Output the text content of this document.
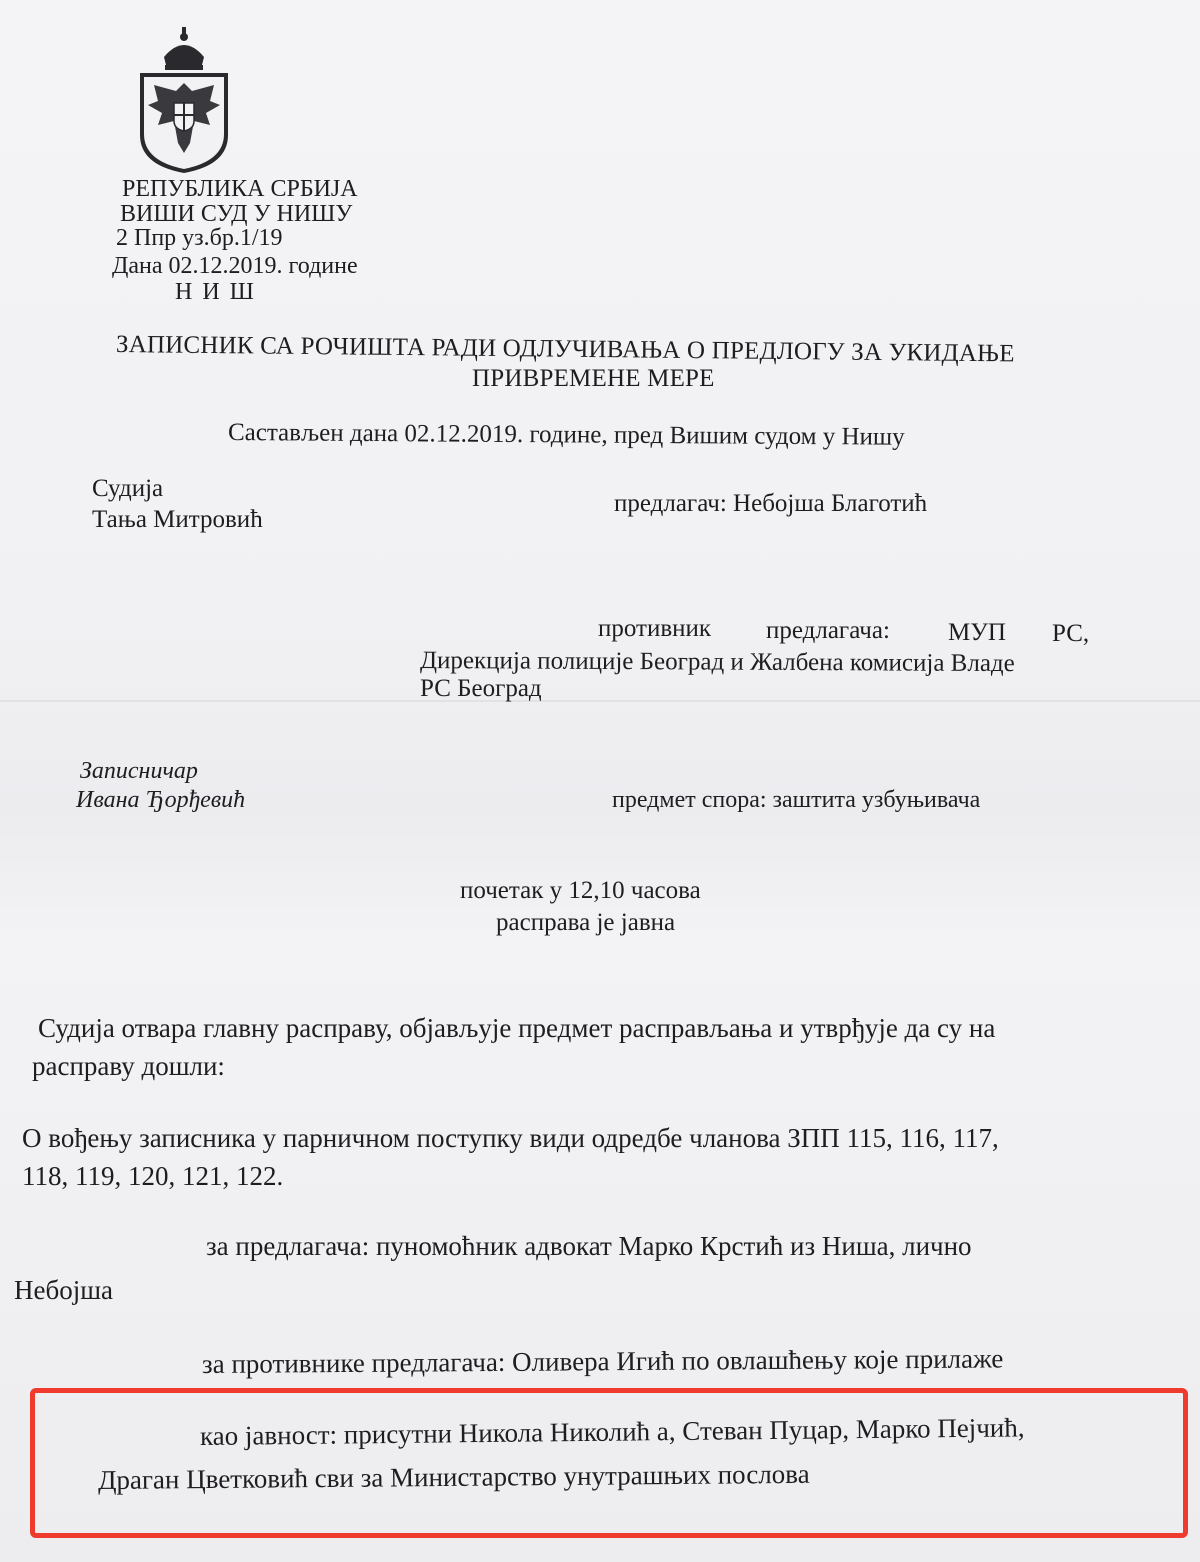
РЕПУБЛИКА СРБИЈА
ВИШИ СУД У НИШУ
2 Ппр уз.бр.1/19
Дана 02.12.2019. године
Н И Ш
ЗАПИСНИК СА РОЧИШТА РАДИ ОДЛУЧИВАЊА О ПРЕДЛОГУ ЗА УКИДАЊЕ
ПРИВРЕМЕНЕ МЕРЕ
Састављен дана 02.12.2019. године, пред Вишим судом у Нишу
Судија
Тања Митровић
предлагач: Небојша Благотић
противник предлагача: МУП РС,
Дирекција полиције Београд и Жалбена комисија Владе
РС Београд
Записничар
Ивана Ђорђевић	предмет спора: заштита узбуњивача
почетак у 12,10 часова
расправа је јавна
Судија отвара главну расправу, објављује предмет расправљања и утврђује да су на
расправу дошли:
О вођењу записника у парничном поступку види одредбе чланова ЗПП 115, 116, 117,
118, 119, 120, 121, 122.
за предлагача: пуномоћник адвокат Марко Крстић из Ниша, лично
Небојша
за противнике предлагача: Оливера Игић по овлашћењу које прилаже
као јавност: присутни Никола Николић а, Стеван Пуцар, Марко Пејчић,
Драган Цветковић сви за Министарство унутрашњих послова
